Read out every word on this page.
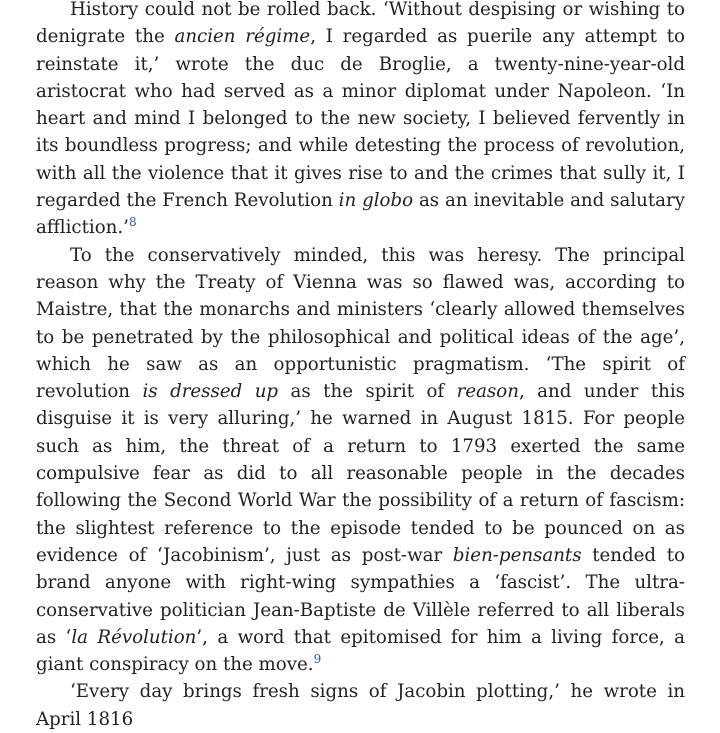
History could not be rolled back. ‘Without despising or wishing to denigrate the ancien régime, I regarded as puerile any attempt to reinstate it,’ wrote the duc de Broglie, a twenty-nine-year-old aristocrat who had served as a minor diplomat under Napoleon. ‘In heart and mind I belonged to the new society, I believed fervently in its boundless progress; and while detesting the process of revolution, with all the violence that it gives rise to and the crimes that sully it, I regarded the French Revolution in globo as an inevitable and salutary affliction.’$^8$

To the conservatively minded, this was heresy. The principal reason why the Treaty of Vienna was so flawed was, according to Maistre, that the monarchs and ministers ‘clearly allowed themselves to be penetrated by the philosophical and political ideas of the age’, which he saw as an opportunistic pragmatism. ‘The spirit of revolution is dressed up as the spirit of reason, and under this disguise it is very alluring,’ he warned in August 1815. For people such as him, the threat of a return to 1793 exerted the same compulsive fear as did to all reasonable people in the decades following the Second World War the possibility of a return of fascism: the slightest reference to the episode tended to be pounced on as evidence of ‘Jacobinism’, just as post-war bien-pensants tended to brand anyone with right-wing sympathies a ‘fascist’. The ultra-conservative politician Jean-Baptiste de Villèle referred to all liberals as ‘la Révolution’, a word that epitomised for him a living force, a giant conspiracy on the move.$^9$

‘Every day brings fresh signs of Jacobin plotting,’ he wrote in April 1816
